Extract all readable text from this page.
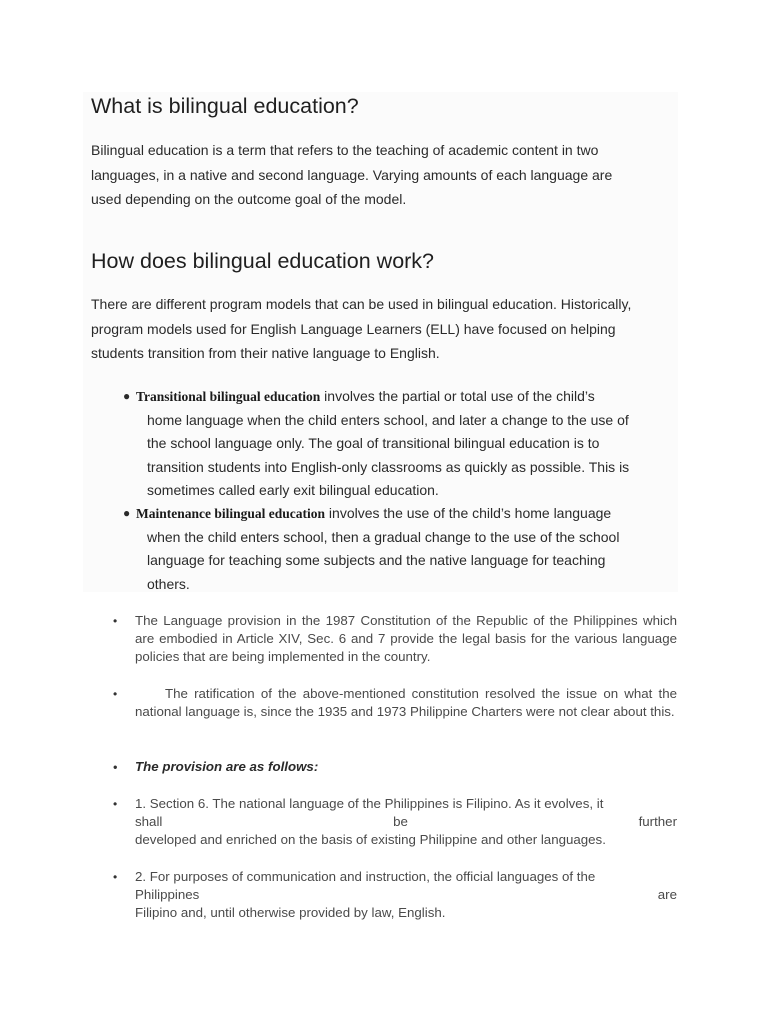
What is bilingual education?
Bilingual education is a term that refers to the teaching of academic content in two
languages, in a native and second language. Varying amounts of each language are
used depending on the outcome goal of the model.
How does bilingual education work?
There are different program models that can be used in bilingual education. Historically,
program models used for English Language Learners (ELL) have focused on helping
students transition from their native language to English.
● Transitional bilingual education involves the partial or total use of the child’s
home language when the child enters school, and later a change to the use of
the school language only. The goal of transitional bilingual education is to
transition students into English-only classrooms as quickly as possible. This is
sometimes called early exit bilingual education.
● Maintenance bilingual education involves the use of the child’s home language
when the child enters school, then a gradual change to the use of the school
language for teaching some subjects and the native language for teaching
others.
• The Language provision in the 1987 Constitution of the Republic of the Philippines which are embodied in Article XIV, Sec. 6 and 7 provide the legal basis for the various language policies that are being implemented in the country.
•	The ratification of the above-mentioned constitution resolved the issue on what the national language is, since the 1935 and 1973 Philippine Charters were not clear about this.
• The provision are as follows:
• 1. Section 6. The national language of the Philippines is Filipino. As it evolves, it
shall	be	further
developed and enriched on the basis of existing Philippine and other languages.
• 2. For purposes of communication and instruction, the official languages of the
Philippines	are
Filipino and, until otherwise provided by law, English.
